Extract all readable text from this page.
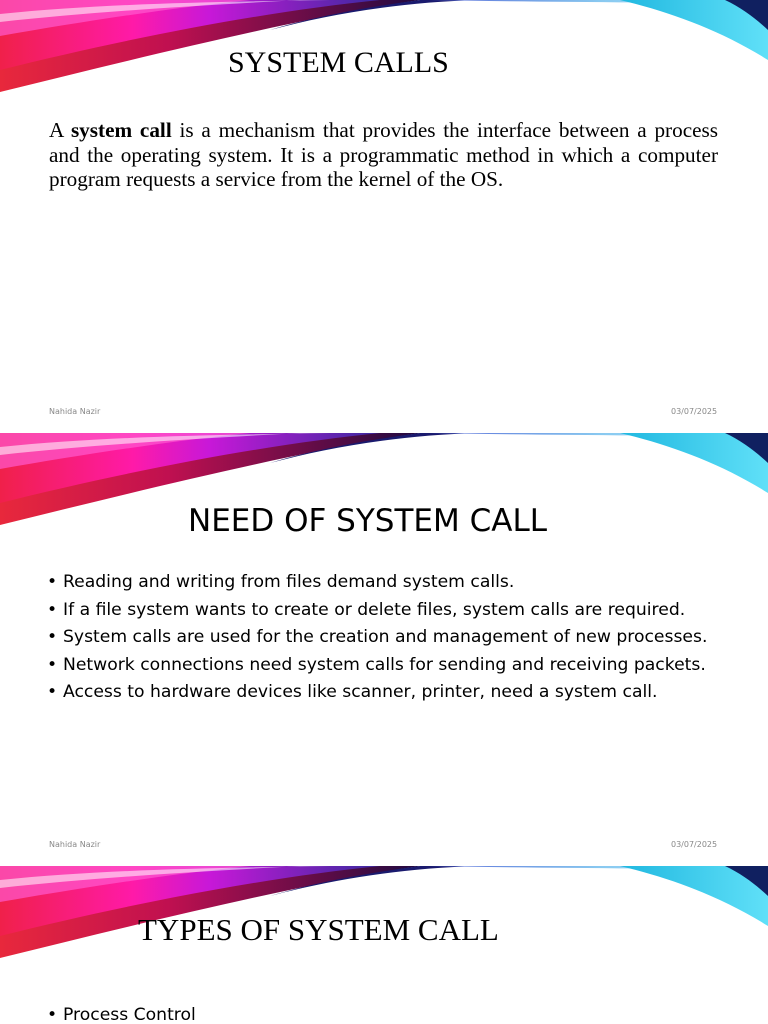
SYSTEM CALLS

A system call is a mechanism that provides the interface between a process and the operating system. It is a programmatic method in which a computer program requests a service from the kernel of the OS.

Nahida Nazir	03/07/2025
NEED OF SYSTEM CALL
• Reading and writing from files demand system calls.
• If a file system wants to create or delete files, system calls are required.
• System calls are used for the creation and management of new processes.
• Network connections need system calls for sending and receiving packets.
• Access to hardware devices like scanner, printer, need a system call.
Nahida Nazir	03/07/2025
TYPES OF SYSTEM CALL
• Process Control
